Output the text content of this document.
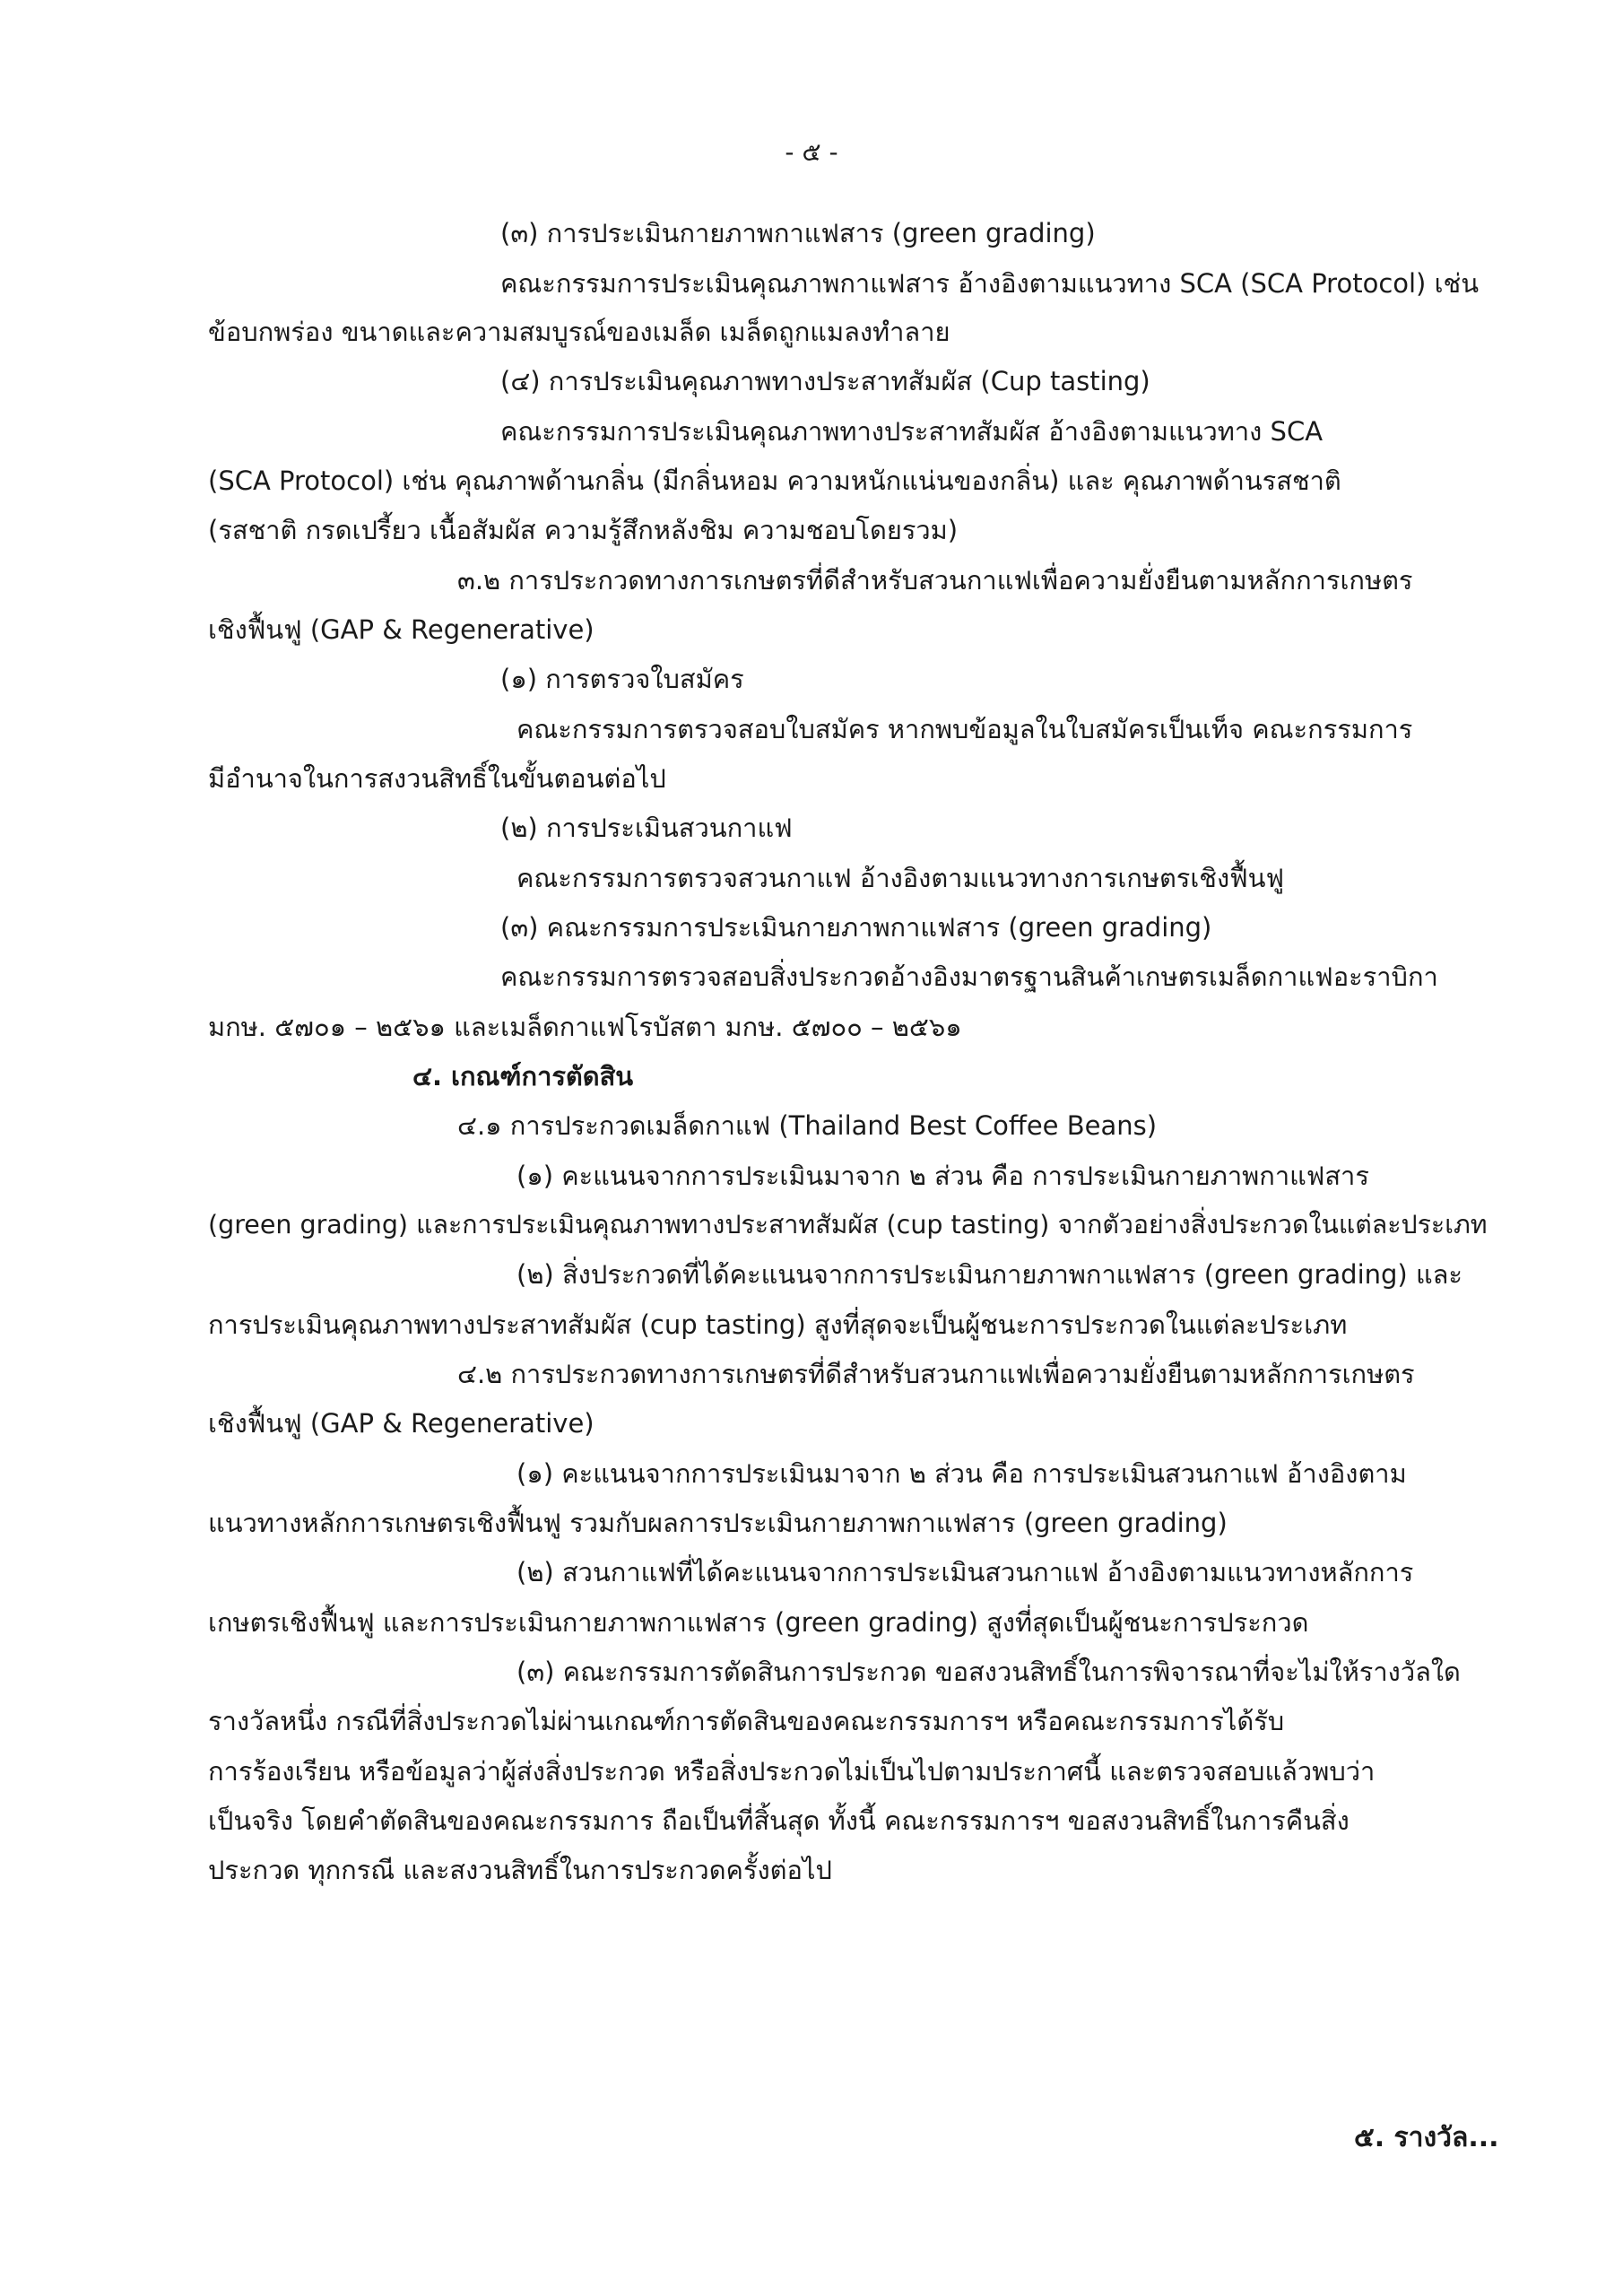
- ๕ -
(๓) การประเมินกายภาพกาแฟสาร (green grading)
คณะกรรมการประเมินคุณภาพกาแฟสาร อ้างอิงตามแนวทาง SCA (SCA Protocol) เช่น
ข้อบกพร่อง ขนาดและความสมบูรณ์ของเมล็ด เมล็ดถูกแมลงทำลาย
(๔) การประเมินคุณภาพทางประสาทสัมผัส (Cup tasting)
คณะกรรมการประเมินคุณภาพทางประสาทสัมผัส อ้างอิงตามแนวทาง SCA
(SCA Protocol) เช่น คุณภาพด้านกลิ่น (มีกลิ่นหอม ความหนักแน่นของกลิ่น) และ คุณภาพด้านรสชาติ
(รสชาติ กรดเปรี้ยว เนื้อสัมผัส ความรู้สึกหลังชิม ความชอบโดยรวม)
๓.๒ การประกวดทางการเกษตรที่ดีสำหรับสวนกาแฟเพื่อความยั่งยืนตามหลักการเกษตร
เชิงฟื้นฟู (GAP & Regenerative)
(๑) การตรวจใบสมัคร
คณะกรรมการตรวจสอบใบสมัคร หากพบข้อมูลในใบสมัครเป็นเท็จ คณะกรรมการ
มีอำนาจในการสงวนสิทธิ์ในขั้นตอนต่อไป
(๒) การประเมินสวนกาแฟ
คณะกรรมการตรวจสวนกาแฟ อ้างอิงตามแนวทางการเกษตรเชิงฟื้นฟู
(๓) คณะกรรมการประเมินกายภาพกาแฟสาร (green grading)
คณะกรรมการตรวจสอบสิ่งประกวดอ้างอิงมาตรฐานสินค้าเกษตรเมล็ดกาแฟอะราบิกา
มกษ. ๕๗๐๑ – ๒๕๖๑ และเมล็ดกาแฟโรบัสตา มกษ. ๕๗๐๐ – ๒๕๖๑
๔. เกณฑ์การตัดสิน
๔.๑ การประกวดเมล็ดกาแฟ (Thailand Best Coffee Beans)
(๑) คะแนนจากการประเมินมาจาก ๒ ส่วน คือ การประเมินกายภาพกาแฟสาร
(green grading) และการประเมินคุณภาพทางประสาทสัมผัส (cup tasting) จากตัวอย่างสิ่งประกวดในแต่ละประเภท
(๒) สิ่งประกวดที่ได้คะแนนจากการประเมินกายภาพกาแฟสาร (green grading) และ
การประเมินคุณภาพทางประสาทสัมผัส (cup tasting) สูงที่สุดจะเป็นผู้ชนะการประกวดในแต่ละประเภท
๔.๒ การประกวดทางการเกษตรที่ดีสำหรับสวนกาแฟเพื่อความยั่งยืนตามหลักการเกษตร
เชิงฟื้นฟู (GAP & Regenerative)
(๑) คะแนนจากการประเมินมาจาก ๒ ส่วน คือ การประเมินสวนกาแฟ อ้างอิงตาม
แนวทางหลักการเกษตรเชิงฟื้นฟู รวมกับผลการประเมินกายภาพกาแฟสาร (green grading)
(๒) สวนกาแฟที่ได้คะแนนจากการประเมินสวนกาแฟ อ้างอิงตามแนวทางหลักการ
เกษตรเชิงฟื้นฟู และการประเมินกายภาพกาแฟสาร (green grading) สูงที่สุดเป็นผู้ชนะการประกวด
(๓) คณะกรรมการตัดสินการประกวด ขอสงวนสิทธิ์ในการพิจารณาที่จะไม่ให้รางวัลใด
รางวัลหนึ่ง กรณีที่สิ่งประกวดไม่ผ่านเกณฑ์การตัดสินของคณะกรรมการฯ หรือคณะกรรมการได้รับ
การร้องเรียน หรือข้อมูลว่าผู้ส่งสิ่งประกวด หรือสิ่งประกวดไม่เป็นไปตามประกาศนี้ และตรวจสอบแล้วพบว่า
เป็นจริง โดยคำตัดสินของคณะกรรมการ ถือเป็นที่สิ้นสุด ทั้งนี้ คณะกรรมการฯ ขอสงวนสิทธิ์ในการคืนสิ่ง
ประกวด ทุกกรณี และสงวนสิทธิ์ในการประกวดครั้งต่อไป
๕. รางวัล...
